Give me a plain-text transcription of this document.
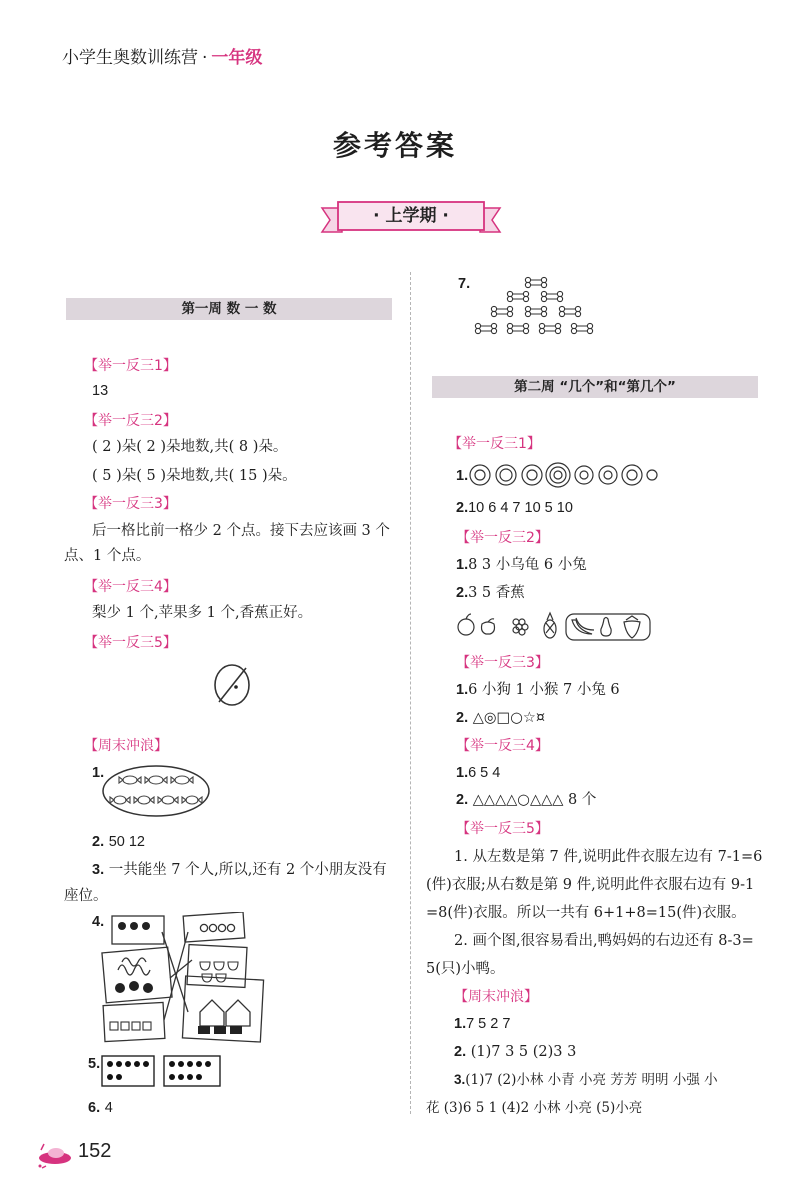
小学生奥数训练营 · 一年级
参考答案
· 上学期 ·
第一周 数 一 数
【举一反三1】
13
【举一反三2】
( 2 )朵( 2 )朵地数,共( 8 )朵。
( 5 )朵( 5 )朵地数,共( 15 )朵。
【举一反三3】
后一格比前一格少 2 个点。接下去应该画 3 个
点、1 个点。
【举一反三4】
梨少 1 个,苹果多 1 个,香蕉正好。
【举一反三5】
【周末冲浪】
1.
2. 50 12
3. 一共能坐 7 个人,所以,还有 2 个小朋友没有
座位。
4.
5.
6. 4
7.
第二周 “几个”和“第几个”
【举一反三1】
1.
2.10 6 4 7 10 5 10
【举一反三2】
1.8 3 小乌龟 6 小兔
2.3 5 香蕉
【举一反三3】
1.6 小狗 1 小猴 7 小兔 6
2. △◎□○☆¤
【举一反三4】
1.6 5 4
2. △△△△○△△△ 8 个
【举一反三5】
1. 从左数是第 7 件,说明此件衣服左边有 7-1=6
(件)衣服;从右数是第 9 件,说明此件衣服右边有 9-1
=8(件)衣服。所以一共有 6+1+8=15(件)衣服。
2. 画个图,很容易看出,鸭妈妈的右边还有 8-3=
5(只)小鸭。
【周末冲浪】
1.7 5 2 7
2. (1)7 3 5 (2)3 3
3.(1)7 (2)小林 小青 小亮 芳芳 明明 小强 小
花 (3)6 5 1 (4)2 小林 小亮 (5)小亮
152
